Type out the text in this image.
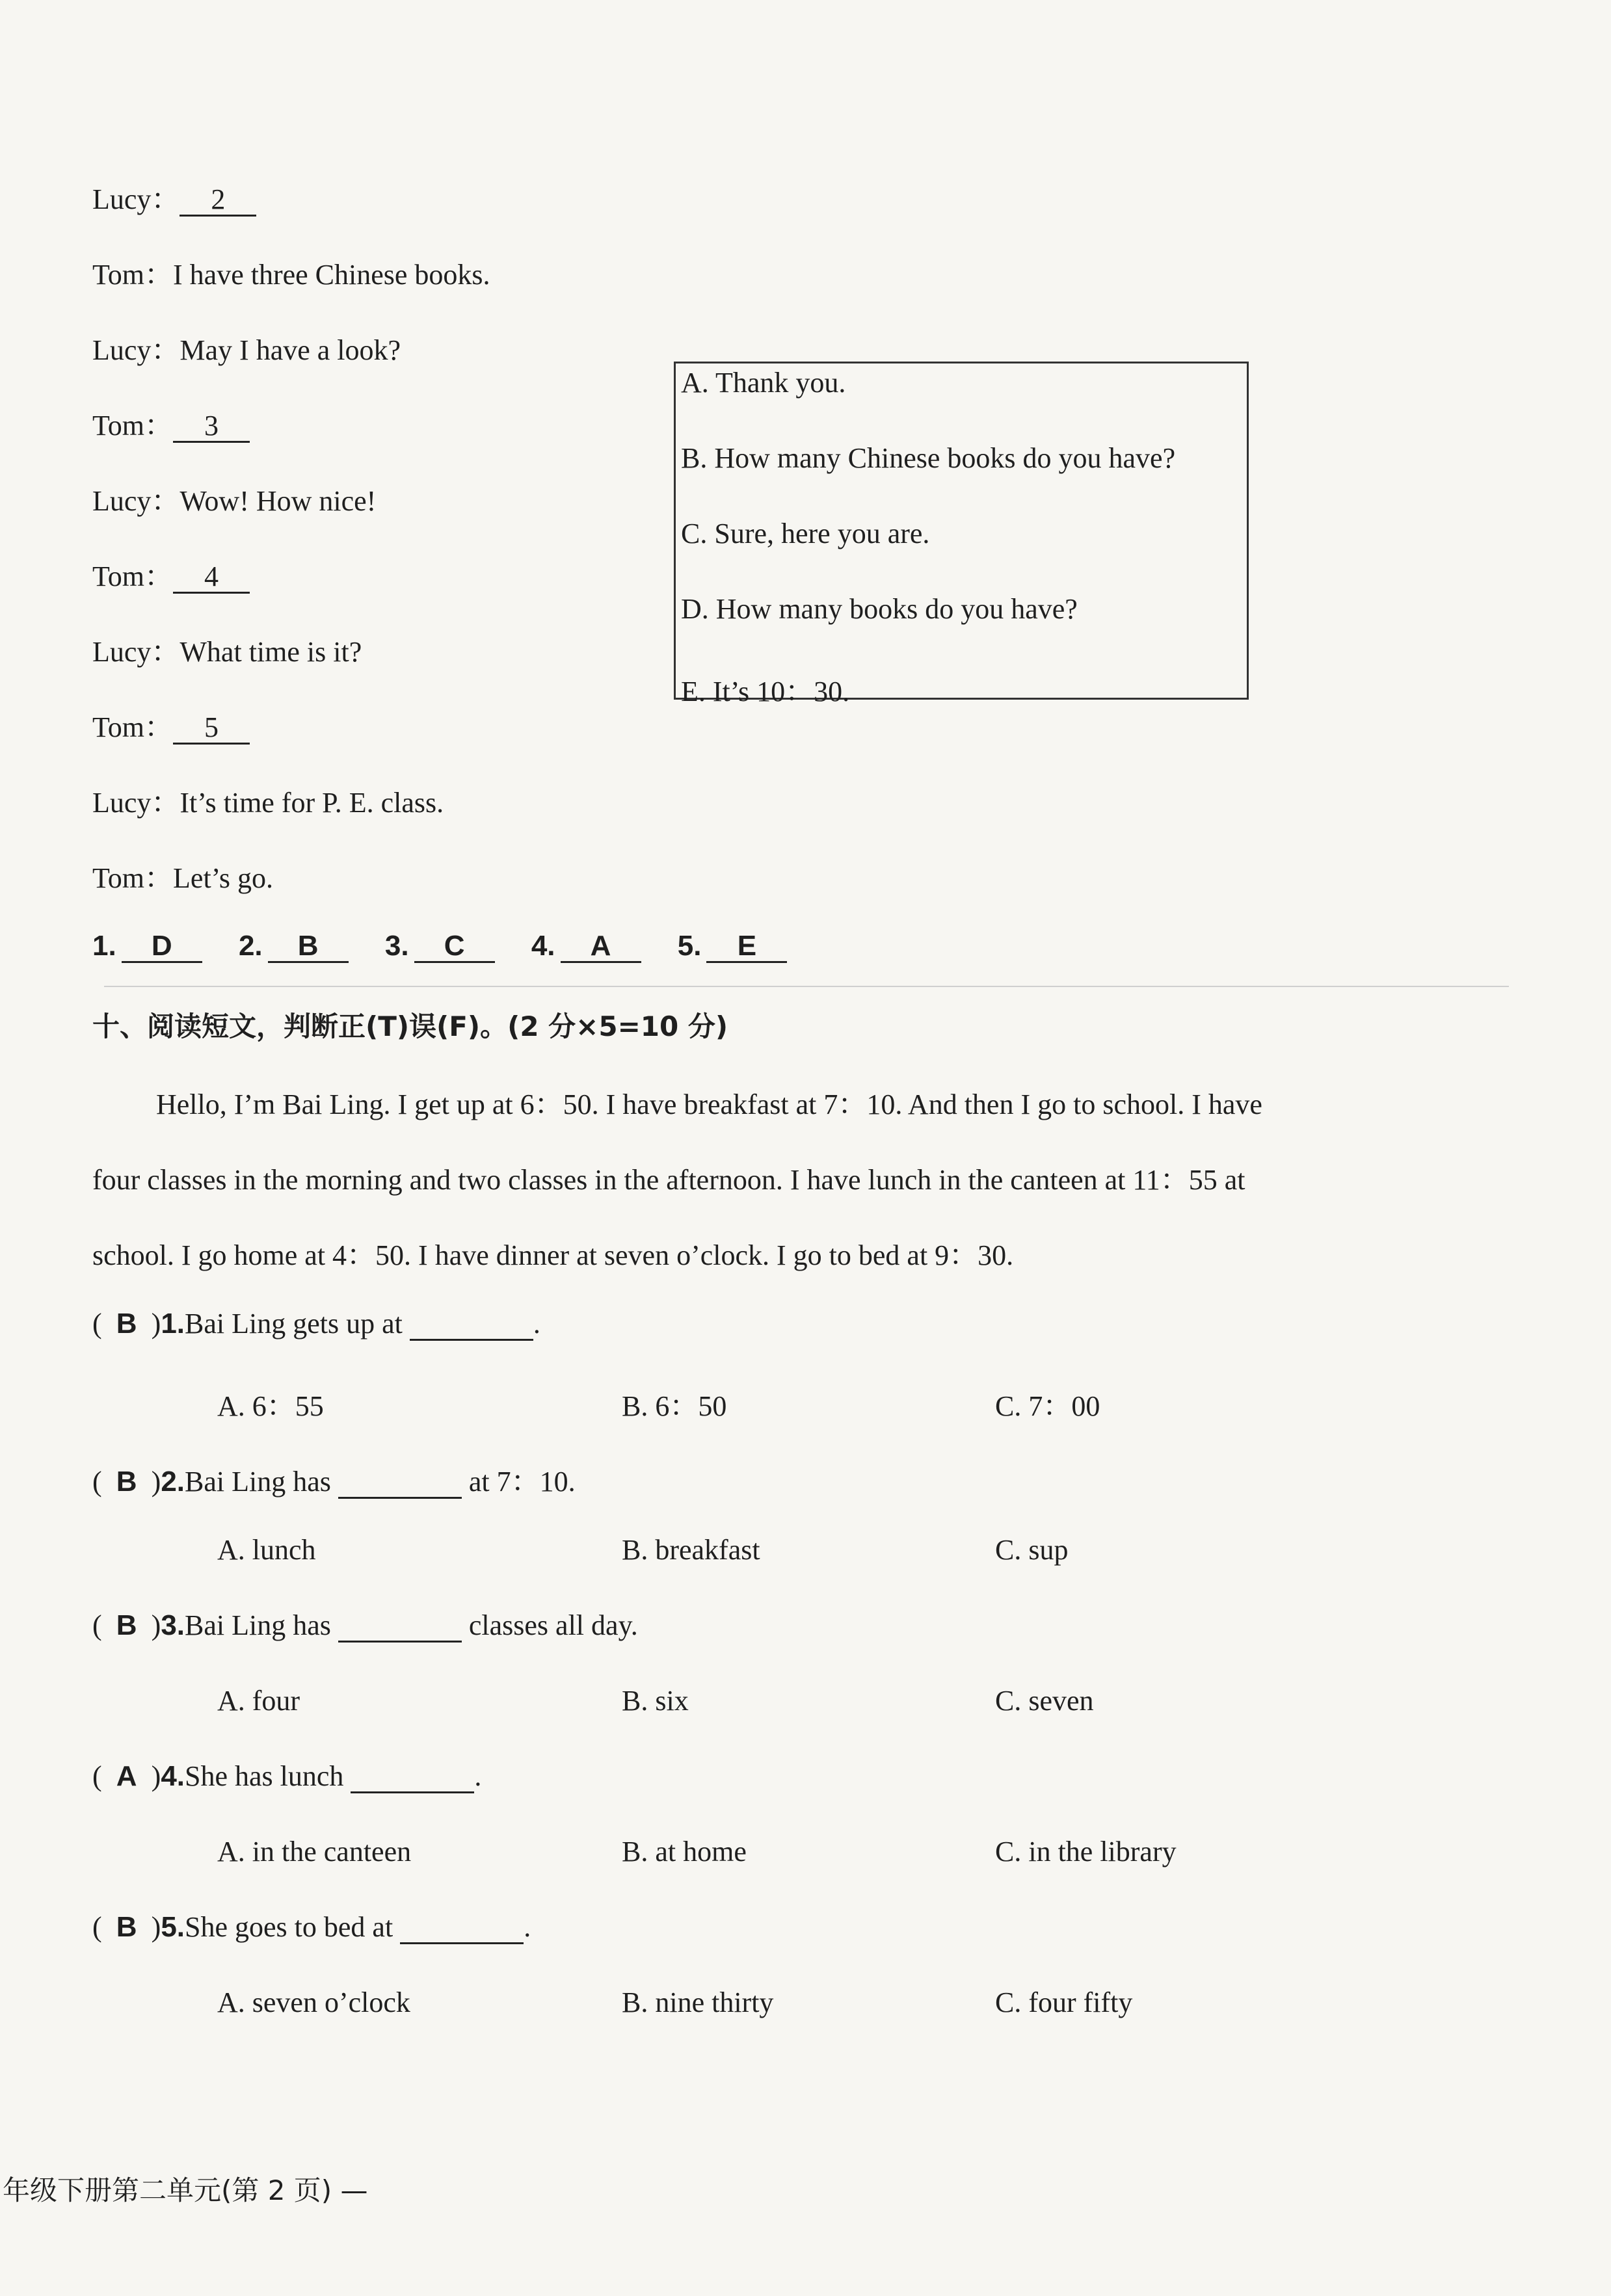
Lucy： 2
Tom：I have three Chinese books.
Lucy：May I have a look?
Tom： 3
Lucy：Wow! How nice!
Tom： 4
Lucy：What time is it?
Tom： 5
Lucy：It’s time for P. E. class.
Tom：Let’s go.
A. Thank you.
B. How many Chinese books do you have?
C. Sure, here you are.
D. How many books do you have?
E. It’s 10：30.
1. D 2. B 3. C 4. A 5. E
十、阅读短文，判断正(T)误(F)。(2 分×5=10 分)
Hello, I’m Bai Ling. I get up at 6：50. I have breakfast at 7：10. And then I go to school. I have
four classes in the morning and two classes in the afternoon. I have lunch in the canteen at 11：55 at
school. I go home at 4：50. I have dinner at seven o’clock. I go to bed at 9：30.
( B )1.Bai Ling gets up at	.
A. 6：55	B. 6：50	C. 7：00
( B )2.Bai Ling has	at 7：10.
A. lunch	B. breakfast	C. sup
( B )3.Bai Ling has	classes all day.
A. four	B. six	C. seven
( A )4.She has lunch	.
A. in the canteen	B. at home	C. in the library
( B )5.She goes to bed at	.
A. seven o’clock	B. nine thirty	C. four fifty
年级下册第二单元(第 2 页) —
